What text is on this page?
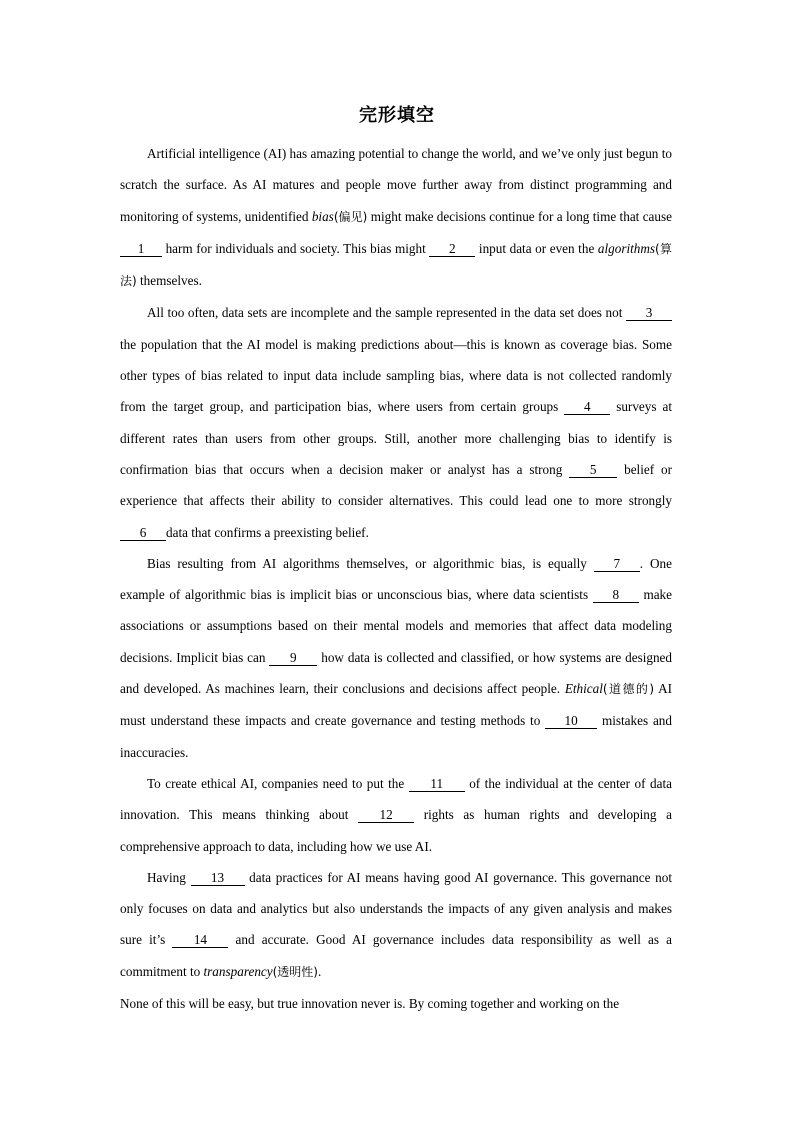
完形填空

Artificial intelligence (AI) has amazing potential to change the world, and we’ve only just begun to scratch the surface. As AI matures and people move further away from distinct programming and monitoring of systems, unidentified bias(偏见) might make decisions continue for a long time that cause 1 harm for individuals and society. This bias might 2 input data or even the algorithms(算法) themselves.

All too often, data sets are incomplete and the sample represented in the data set does not 3the population that the AI model is making predictions about—this is known as coverage bias. Some other types of bias related to input data include sampling bias, where data is not collected randomly from the target group, and participation bias, where users from certain groups 4 surveys at different rates than users from other groups. Still, another more challenging bias to identify is confirmation bias that occurs when a decision maker or analyst has a strong 5 belief or experience that affects their ability to consider alternatives. This could lead one to more strongly 6 data that confirms a preexisting belief.

Bias resulting from AI algorithms themselves, or algorithmic bias, is equally 7 . One example of algorithmic bias is implicit bias or unconscious bias, where data scientists 8 make associations or assumptions based on their mental models and memories that affect data modeling decisions. Implicit bias can 9 how data is collected and classified, or how systems are designed and developed. As machines learn, their conclusions and decisions affect people. Ethical(道德的) AI must understand these impacts and create governance and testing methods to 10 mistakes and inaccuracies.

To create ethical AI, companies need to put the 11 of the individual at the center of data innovation. This means thinking about 12 rights as human rights and developing a comprehensive approach to data, including how we use AI.

Having 13 data practices for AI means having good AI governance. This governance not only focuses on data and analytics but also understands the impacts of any given analysis and makes sure it’s 14 and accurate. Good AI governance includes data responsibility as well as a commitment to transparency(透明性).

None of this will be easy, but true innovation never is. By coming together and working on the
